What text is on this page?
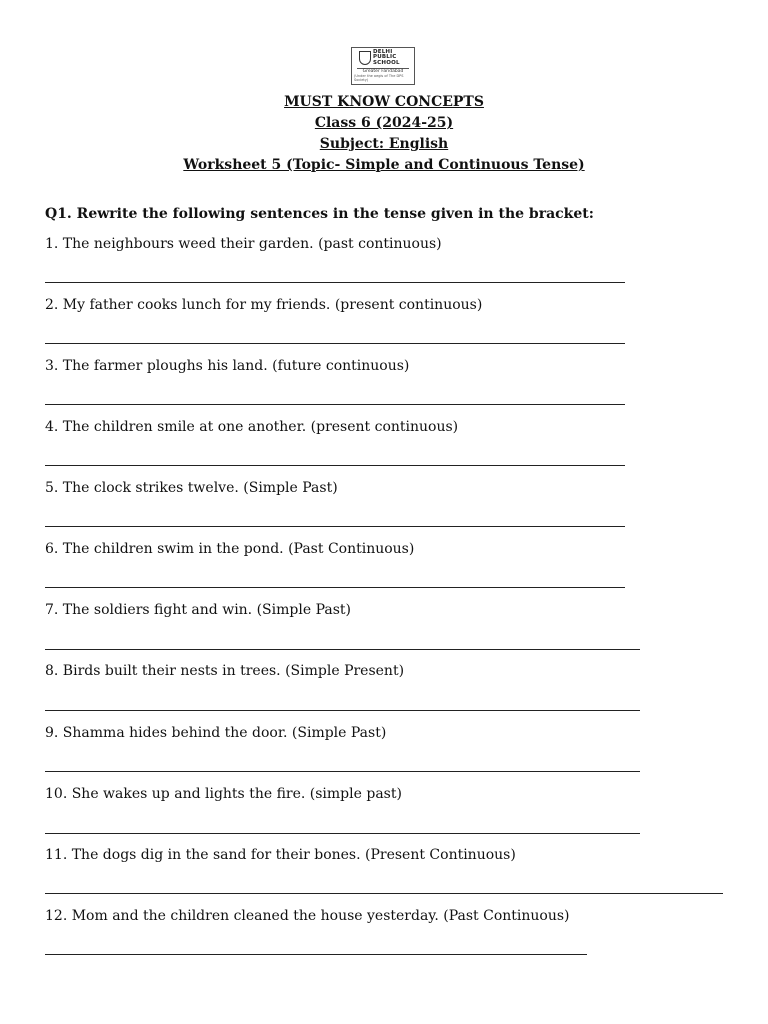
DELHI
PUBLIC
SCHOOL
Greater Faridabad
(Under the aegis of The DPS Society)
MUST KNOW CONCEPTS
Class 6 (2024-25)
Subject: English
Worksheet 5 (Topic- Simple and Continuous Tense)
Q1. Rewrite the following sentences in the tense given in the bracket:
1. The neighbours weed their garden. (past continuous)
2. My father cooks lunch for my friends. (present continuous)
3. The farmer ploughs his land. (future continuous)
4. The children smile at one another. (present continuous)
5. The clock strikes twelve. (Simple Past)
6. The children swim in the pond. (Past Continuous)
7. The soldiers fight and win. (Simple Past)
8. Birds built their nests in trees. (Simple Present)
9. Shamma hides behind the door. (Simple Past)
10. She wakes up and lights the fire. (simple past)
11. The dogs dig in the sand for their bones. (Present Continuous)
12. Mom and the children cleaned the house yesterday. (Past Continuous)
